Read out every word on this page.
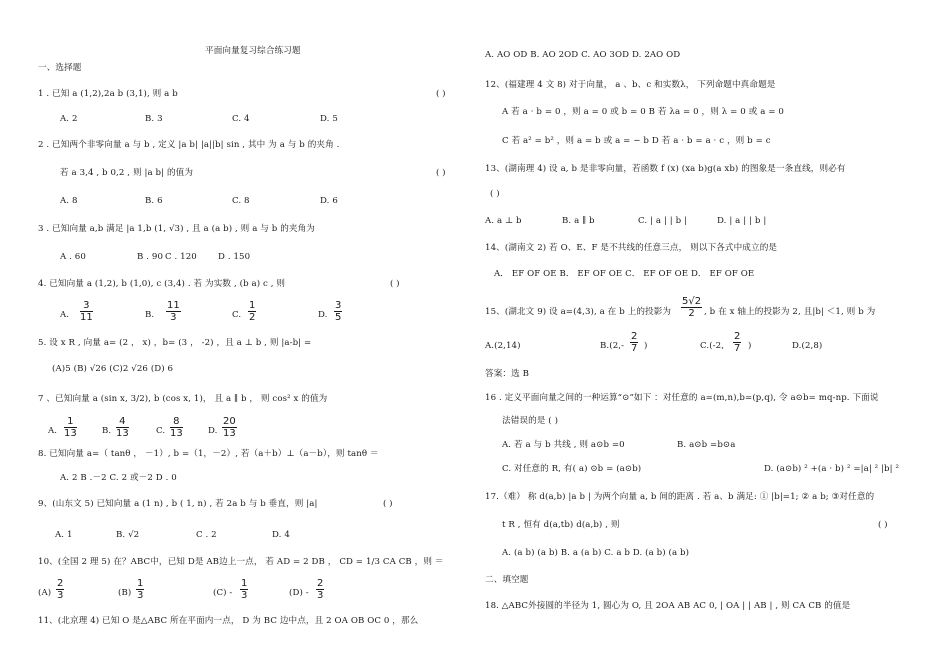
平面向量复习综合练习题
一、选择题
1 . 已知 a (1,2),2a b (3,1), 则 a b	( )
A. 2	B. 3	C. 4	D. 5
2 . 已知两个非零向量 a 与 b , 定义 |a b| |a||b| sin , 其中 为 a 与 b 的夹角 .
若 a 3,4 , b 0,2 , 则 |a b| 的值为	( )
A. 8	B. 6	C. 8	D. 6
3 . 已知向量 a,b 满足 |a 1,b (1, √3) , 且 a (a b) , 则 a 与 b 的夹角为
A . 60	B . 90 C . 120 D . 150
4. 已知向量 a (1,2), b (1,0), c (3,4) . 若 为实数 , (b a) c , 则	( )
A. $\frac{3}{11}$	B. $\frac{11}{3}$	C. $\frac{1}{2}$	D. $\frac{3}{5}$
5. 设 x R , 向量 a= (2 ， x) ，b= (3 ， -2) ，且 a ⊥ b , 则 |a-b| =
(A)5 (B) √26 (C)2 √26 (D) 6
7 、已知向量 a (sin x, 3/2), b (cos x, 1)， 且 a ∥ b ， 则 cos² x 的值为
A. $\frac{1}{13}$	B. $\frac{4}{13}$	C. $\frac{8}{13}$	D. $\frac{20}{13}$
8. 已知向量 a=（ tanθ ， －1）, b =（1，－2）, 若（a＋b）⊥（a－b），则 tanθ ＝
A. 2 B .－2 C. 2 或－2 D . 0
9、(山东文 5) 已知向量 a (1 n) , b ( 1, n) , 若 2a b 与 b 垂直，则 |a|	( )
A. 1	B. √2	C . 2	D. 4
10、(全国 2 理 5) 在？ABC中，已知 D是 AB边上一点， 若 AD = 2 DB ， CD = 1/3 CA CB ，则 ＝
$(A) \frac{2}{3}$	$(B) \frac{1}{3}$	$(C) - \frac{1}{3}$	$(D) - \frac{2}{3}$
11、(北京理 4) 已知 O 是△ABC 所在平面内一点， D 为 BC 边中点，且 2 OA OB OC 0 ，那么
A. AO OD B. AO 2OD C. AO 3OD D. 2AO OD
12、(福建理 4 文 8) 对于向量， a 、b、c 和实数λ， 下列命题中真命题是
A 若 a · b = 0 ，则 a = 0 或 b = 0 B 若 λa = 0 ，则 λ = 0 或 a = 0
C 若 a² = b² ，则 a = b 或 a = − b D 若 a · b = a · c ，则 b = c
13、(湖南理 4) 设 a, b 是非零向量，若函数 f (x) (xa b)g(a xb) 的图象是一条直线，则必有
( )
A. a ⊥ b	B. a ∥ b	C. | a | | b |	D. | a | | b |
14、(湖南文 2) 若 O、E、F 是不共线的任意三点， 则以下各式中成立的是
A． EF OF OE B． EF OF OE C． EF OF OE D． EF OF OE
15、(湖北文 9) 设 a=(4,3), a 在 b 上的投影为 $\frac{5√2}{2}$ , b 在 x 轴上的投影为 2, 且|b| ＜1, 则 b 为
A.(2,14)	$B.(2,- \frac{2}{7}$ )	C.(-2, $\frac{2}{7}$ )	D.(2,8)
答案：选 B
16 . 定义平面向量之间的一种运算“⊙”如下 ：对任意的 a=(m,n),b=(p,q), 令 a⊙b= mq-np. 下面说
法错误的是 ( )
A. 若 a 与 b 共线 , 则 a⊙b =0	B. a⊙b =b⊙a
C. 对任意的 R, 有( a) ⊙b = (a⊙b)	D. (a⊙b) ² +(a · b) ² =|a| ² |b| ²
17.（难） 称 d(a,b) |a b | 为两个向量 a, b 间的距离 . 若 a、b 满足: ① |b|=1; ② a b; ③对任意的
t R , 恒有 d(a,tb) d(a,b) , 则	( )
A. (a b) (a b) B. a (a b) C. a b D. (a b) (a b)
二、填空题
18. △ABC外接圆的半径为 1, 圆心为 O, 且 2OA AB AC 0, | OA | | AB | , 则 CA CB 的值是
